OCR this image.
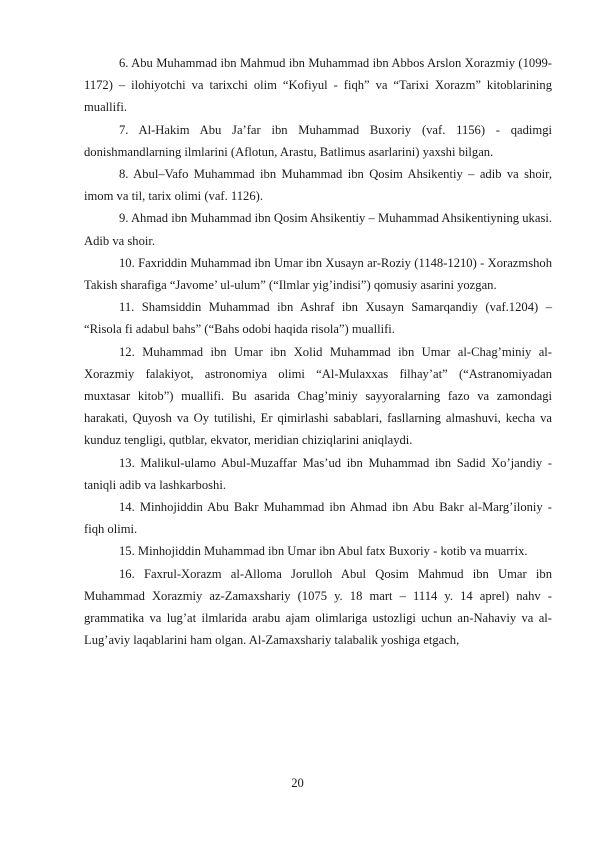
6. Abu Muhammad ibn Mahmud ibn Muhammad ibn Abbos Arslon Xorazmiy (1099-1172) – ilohiyotchi va tarixchi olim “Kofiyul - fiqh” va “Tarixi Xorazm” kitoblarining muallifi.

7. Al-Hakim Abu Ja’far ibn Muhammad Buxoriy (vaf. 1156) - qadimgi donishmandlarning ilmlarini (Aflotun, Arastu, Batlimus asarlarini) yaxshi bilgan.

8. Abul–Vafo Muhammad ibn Muhammad ibn Qosim Ahsikentiy – adib va shoir, imom va til, tarix olimi (vaf. 1126).

9. Ahmad ibn Muhammad ibn Qosim Ahsikentiy – Muhammad Ahsikentiyning ukasi. Adib va shoir.

10. Faxriddin Muhammad ibn Umar ibn Xusayn ar-Roziy (1148-1210) - Xorazmshoh Takish sharafiga “Javome’ ul-ulum” (“Ilmlar yig’indisi”) qomusiy asarini yozgan.

11. Shamsiddin Muhammad ibn Ashraf ibn Xusayn Samarqandiy (vaf.1204) – “Risola fi adabul bahs” (“Bahs odobi haqida risola”) muallifi.

12. Muhammad ibn Umar ibn Xolid Muhammad ibn Umar al-Chag’miniy al-Xorazmiy falakiyot, astronomiya olimi “Al-Mulaxxas filhay’at” (“Astranomiyadan muxtasar kitob”) muallifi. Bu asarida Chag’miniy sayyoralarning fazo va zamondagi harakati, Quyosh va Oy tutilishi, Er qimirlashi sabablari, fasllarning almashuvi, kecha va kunduz tengligi, qutblar, ekvator, meridian chiziqlarini aniqlaydi.

13. Malikul-ulamo Abul-Muzaffar Mas’ud ibn Muhammad ibn Sadid Xo’jandiy - taniqli adib va lashkarboshi.

14. Minhojiddin Abu Bakr Muhammad ibn Ahmad ibn Abu Bakr al-Marg’iloniy - fiqh olimi.

15. Minhojiddin Muhammad ibn Umar ibn Abul fatx Buxoriy - kotib va muarrix.

16. Faxrul-Xorazm al-Alloma Jorulloh Abul Qosim Mahmud ibn Umar ibn Muhammad Xorazmiy az-Zamaxshariy (1075 y. 18 mart – 1114 y. 14 aprel) nahv - grammatika va lug’at ilmlarida arabu ajam olimlariga ustozligi uchun an-Nahaviy va al-Lug’aviy laqablarini ham olgan. Al-Zamaxshariy talabalik yoshiga etgach,

20
